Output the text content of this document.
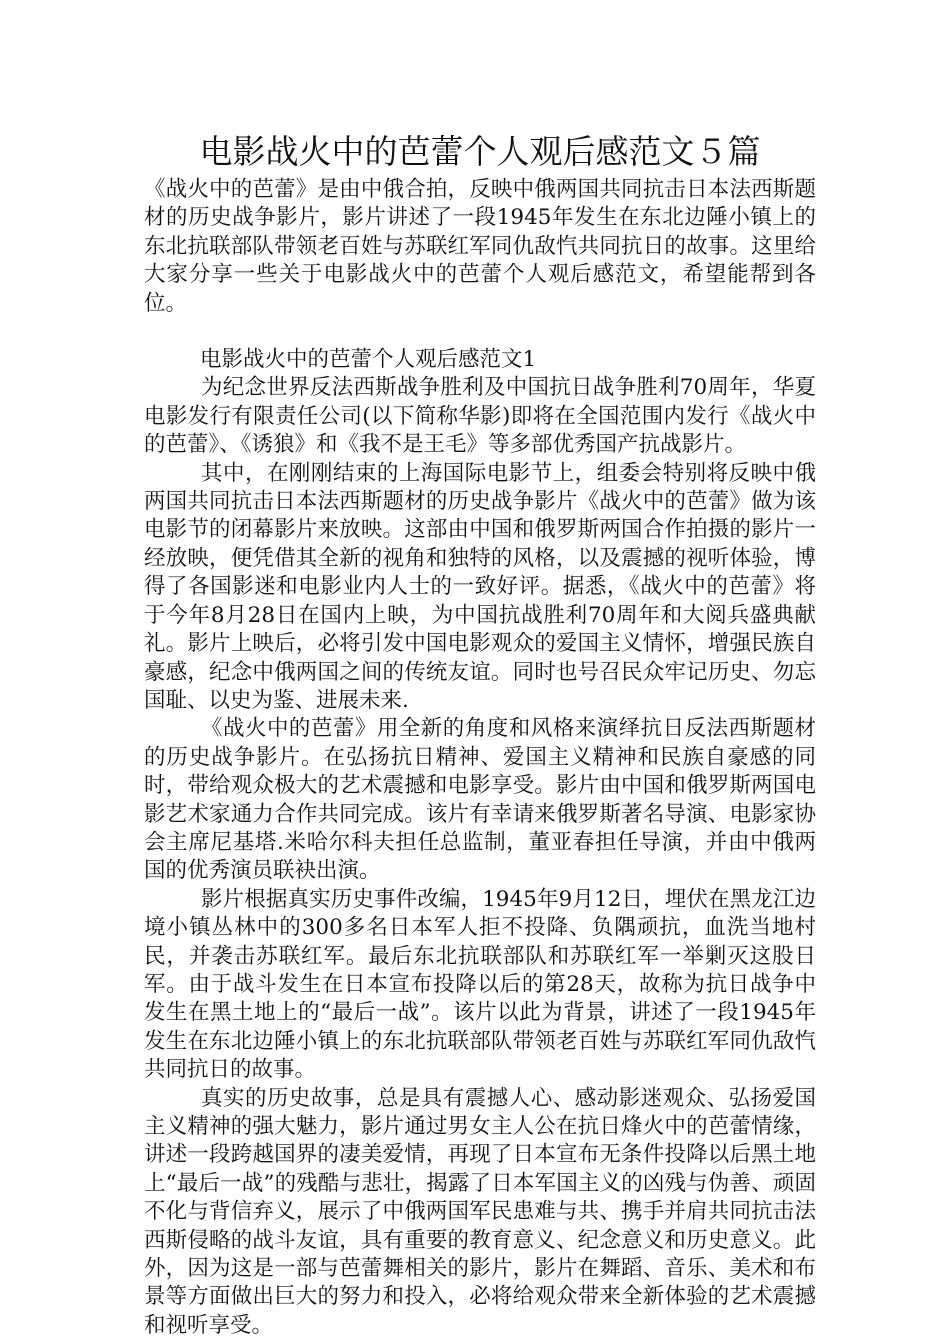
电影战火中的芭蕾个人观后感范文５篇

《战火中的芭蕾》是由中俄合拍，反映中俄两国共同抗击日本法西斯题材的历史战争影片，影片讲述了一段1945年发生在东北边陲小镇上的东北抗联部队带领老百姓与苏联红军同仇敌忾共同抗日的故事。这里给大家分享一些关于电影战火中的芭蕾个人观后感范文，希望能帮到各位。

电影战火中的芭蕾个人观后感范文1

为纪念世界反法西斯战争胜利及中国抗日战争胜利70周年，华夏电影发行有限责任公司(以下简称华影)即将在全国范围内发行《战火中的芭蕾》、《诱狼》和《我不是王毛》等多部优秀国产抗战影片。

其中，在刚刚结束的上海国际电影节上，组委会特别将反映中俄两国共同抗击日本法西斯题材的历史战争影片《战火中的芭蕾》做为该电影节的闭幕影片来放映。这部由中国和俄罗斯两国合作拍摄的影片一经放映，便凭借其全新的视角和独特的风格，以及震撼的视听体验，博得了各国影迷和电影业内人士的一致好评。据悉，《战火中的芭蕾》将于今年8月28日在国内上映，为中国抗战胜利70周年和大阅兵盛典献礼。影片上映后，必将引发中国电影观众的爱国主义情怀，增强民族自豪感，纪念中俄两国之间的传统友谊。同时也号召民众牢记历史、勿忘国耻、以史为鉴、进展未来.

《战火中的芭蕾》用全新的角度和风格来演绎抗日反法西斯题材的历史战争影片。在弘扬抗日精神、爱国主义精神和民族自豪感的同时，带给观众极大的艺术震撼和电影享受。影片由中国和俄罗斯两国电影艺术家通力合作共同完成。该片有幸请来俄罗斯著名导演、电影家协会主席尼基塔.米哈尔科夫担任总监制，董亚春担任导演，并由中俄两国的优秀演员联袂出演。

影片根据真实历史事件改编，1945年9月12日，埋伏在黑龙江边境小镇丛林中的300多名日本军人拒不投降、负隅顽抗，血洗当地村民，并袭击苏联红军。最后东北抗联部队和苏联红军一举剿灭这股日军。由于战斗发生在日本宣布投降以后的第28天，故称为抗日战争中发生在黑土地上的“最后一战”。该片以此为背景，讲述了一段1945年发生在东北边陲小镇上的东北抗联部队带领老百姓与苏联红军同仇敌忾共同抗日的故事。

真实的历史故事，总是具有震撼人心、感动影迷观众、弘扬爱国主义精神的强大魅力，影片通过男女主人公在抗日烽火中的芭蕾情缘，讲述一段跨越国界的凄美爱情，再现了日本宣布无条件投降以后黑土地上“最后一战”的残酷与悲壮，揭露了日本军国主义的凶残与伪善、顽固不化与背信弃义，展示了中俄两国军民患难与共、携手并肩共同抗击法西斯侵略的战斗友谊，具有重要的教育意义、纪念意义和历史意义。此外，因为这是一部与芭蕾舞相关的影片，影片在舞蹈、音乐、美术和布景等方面做出巨大的努力和投入，必将给观众带来全新体验的艺术震撼和视听享受。
